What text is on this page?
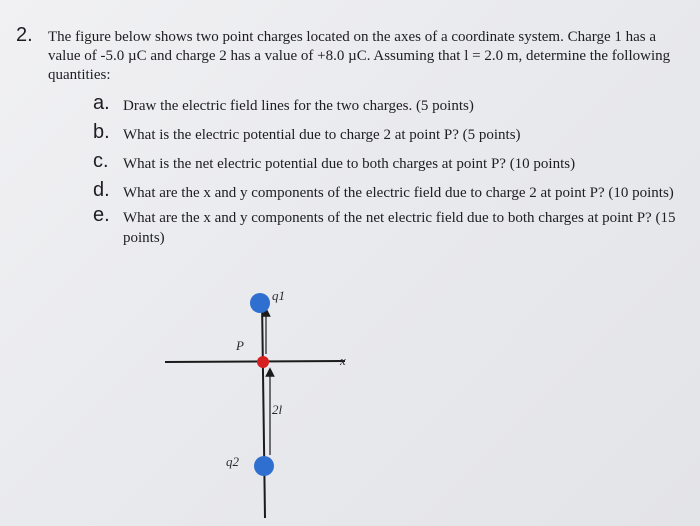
2. The figure below shows two point charges located on the axes of a coordinate system. Charge 1 has a value of -5.0 µC and charge 2 has a value of +8.0 µC. Assuming that l = 2.0 m, determine the following quantities:
a. Draw the electric field lines for the two charges. (5 points)
b. What is the electric potential due to charge 2 at point P? (5 points)
c. What is the net electric potential due to both charges at point P? (10 points)
d. What are the x and y components of the electric field due to charge 2 at point P? (10 points)
e. What are the x and y components of the net electric field due to both charges at point P? (15 points)
q1
P
x
2l
q2
